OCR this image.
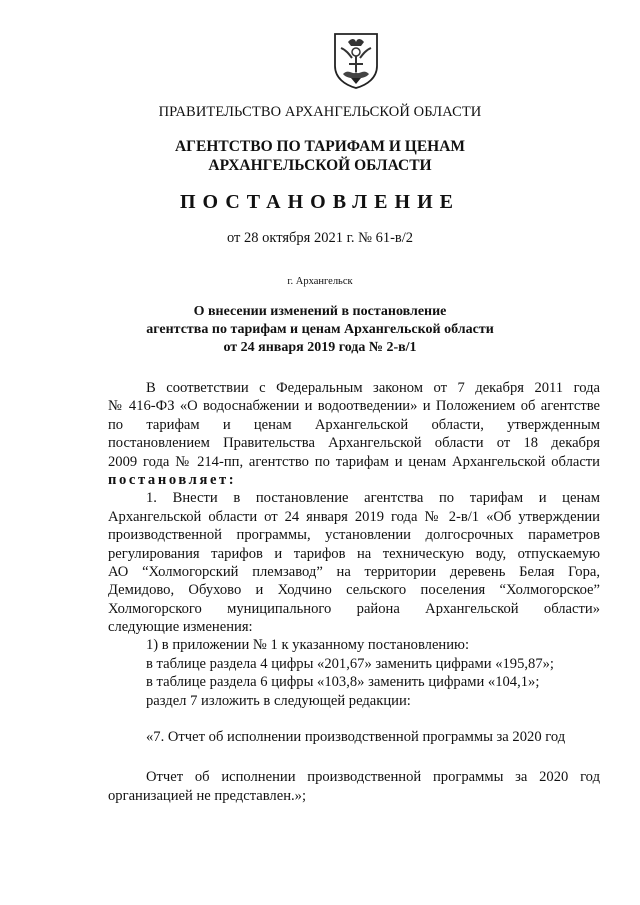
ПРАВИТЕЛЬСТВО АРХАНГЕЛЬСКОЙ ОБЛАСТИ
АГЕНТСТВО ПО ТАРИФАМ И ЦЕНАМ
АРХАНГЕЛЬСКОЙ ОБЛАСТИ
ПОСТАНОВЛЕНИЕ
от 28 октября 2021 г. № 61-в/2
г. Архангельск
О внесении изменений в постановление
агентства по тарифам и ценам Архангельской области
от 24 января 2019 года № 2-в/1
В соответствии с Федеральным законом от 7 декабря 2011 года
№ 416-ФЗ «О водоснабжении и водоотведении» и Положением об агентстве
по тарифам и ценам Архангельской области, утвержденным
постановлением Правительства Архангельской области от 18 декабря
2009 года № 214-пп, агентство по тарифам и ценам Архангельской области
постановляет:
1. Внести в постановление агентства по тарифам и ценам
Архангельской области от 24 января 2019 года № 2-в/1 «Об утверждении
производственной программы, установлении долгосрочных параметров
регулирования тарифов и тарифов на техническую воду, отпускаемую
АО “Холмогорский племзавод” на территории деревень Белая Гора,
Демидово, Обухово и Ходчино сельского поселения “Холмогорское”
Холмогорского муниципального района Архангельской области»
следующие изменения:
1) в приложении № 1 к указанному постановлению:
в таблице раздела 4 цифры «201,67» заменить цифрами «195,87»;
в таблице раздела 6 цифры «103,8» заменить цифрами «104,1»;
раздел 7 изложить в следующей редакции:
«7. Отчет об исполнении производственной программы за 2020 год
Отчет об исполнении производственной программы за 2020 год
организацией не представлен.»;
